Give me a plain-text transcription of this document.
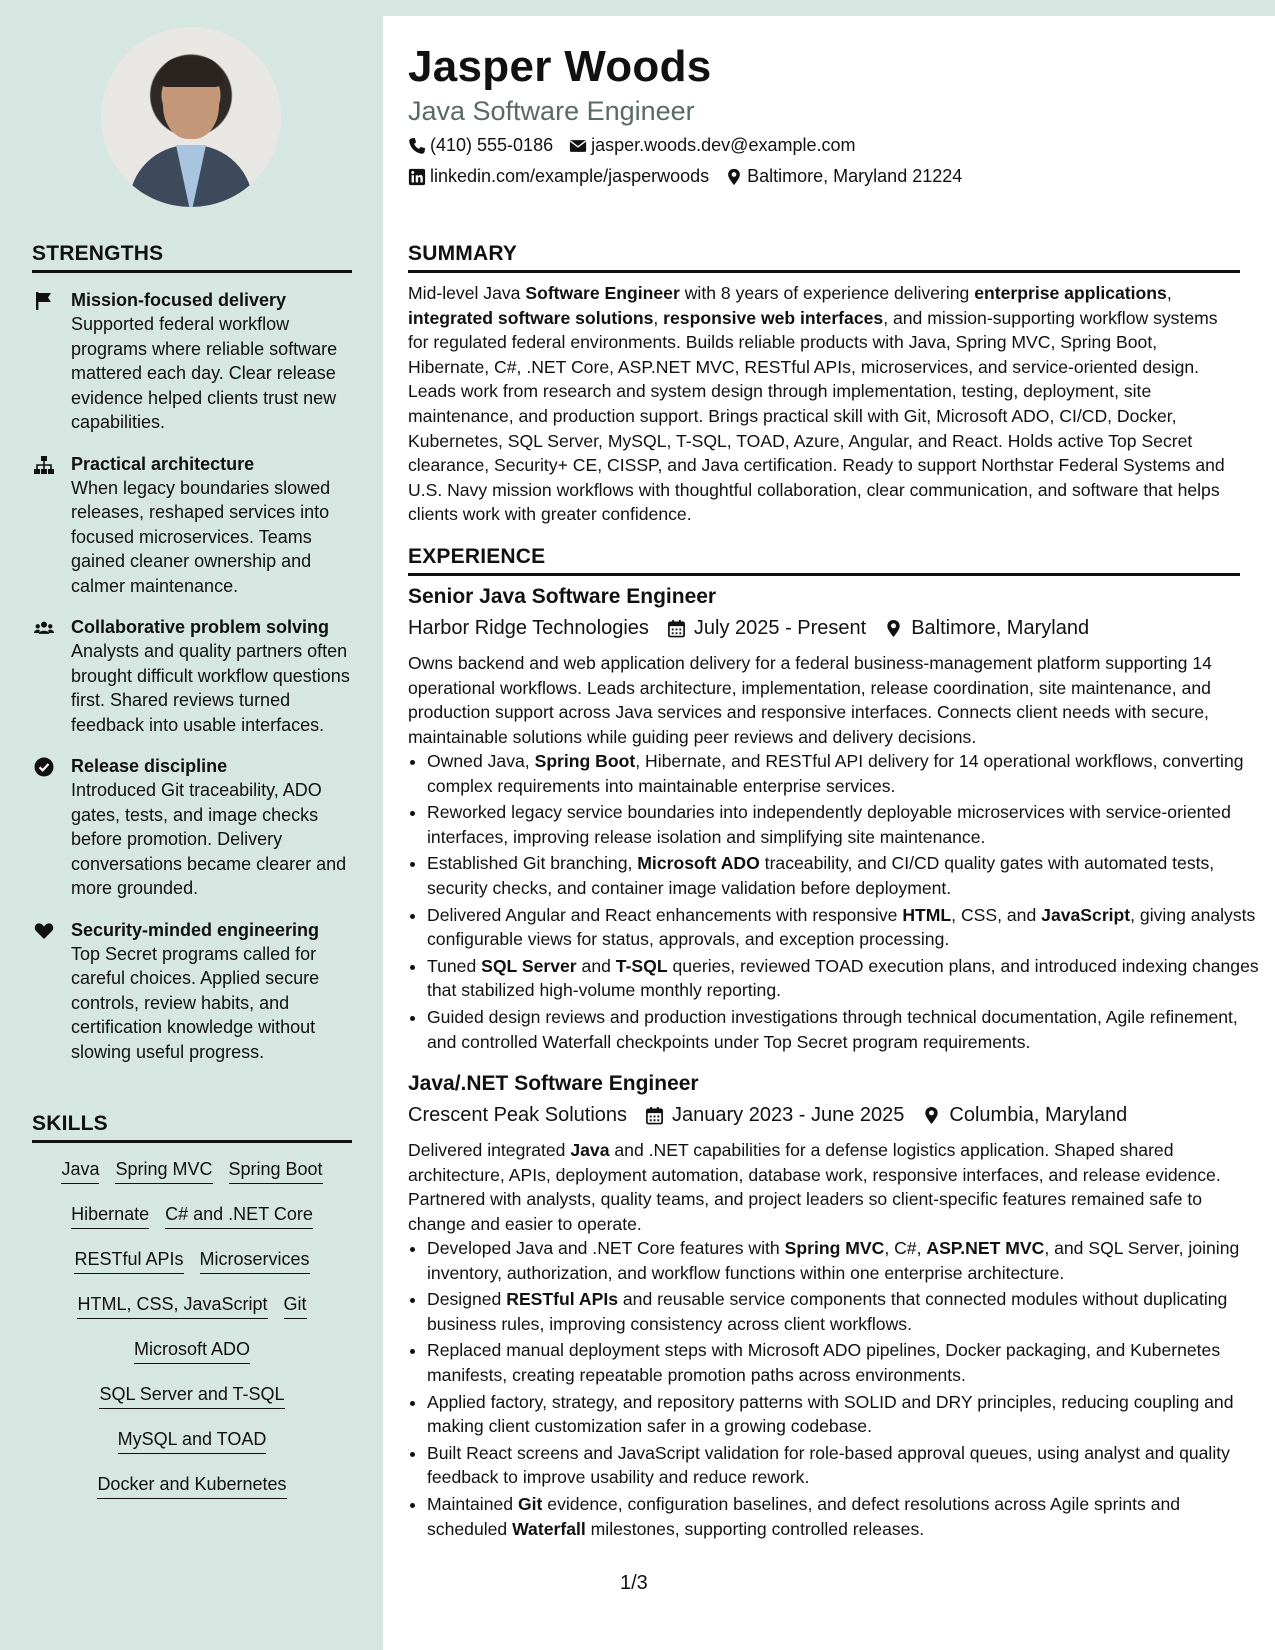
STRENGTHS
Mission-focused delivery
Supported federal workflow programs where reliable software mattered each day. Clear release evidence helped clients trust new capabilities.
Practical architecture
When legacy boundaries slowed releases, reshaped services into focused microservices. Teams gained cleaner ownership and calmer maintenance.
Collaborative problem solving
Analysts and quality partners often brought difficult workflow questions first. Shared reviews turned feedback into usable interfaces.
Release discipline
Introduced Git traceability, ADO gates, tests, and image checks before promotion. Delivery conversations became clearer and more grounded.
Security-minded engineering
Top Secret programs called for careful choices. Applied secure controls, review habits, and certification knowledge without slowing useful progress.
SKILLS
Java Spring MVC Spring Boot
Hibernate C# and .NET Core
RESTful APIs Microservices
HTML, CSS, JavaScript Git
Microsoft ADO
SQL Server and T-SQL
MySQL and TOAD
Docker and Kubernetes
Jasper Woods
Java Software Engineer
(410) 555-0186 jasper.woods.dev@example.com
linkedin.com/example/jasperwoods Baltimore, Maryland 21224
SUMMARY
Mid-level Java Software Engineer with 8 years of experience delivering enterprise applications, integrated software solutions, responsive web interfaces, and mission-supporting workflow systems for regulated federal environments. Builds reliable products with Java, Spring MVC, Spring Boot, Hibernate, C#, .NET Core, ASP.NET MVC, RESTful APIs, microservices, and service-oriented design. Leads work from research and system design through implementation, testing, deployment, site maintenance, and production support. Brings practical skill with Git, Microsoft ADO, CI/CD, Docker, Kubernetes, SQL Server, MySQL, T-SQL, TOAD, Azure, Angular, and React. Holds active Top Secret clearance, Security+ CE, CISSP, and Java certification. Ready to support Northstar Federal Systems and U.S. Navy mission workflows with thoughtful collaboration, clear communication, and software that helps clients work with greater confidence.
EXPERIENCE
Senior Java Software Engineer
Harbor Ridge Technologies July 2025 - Present Baltimore, Maryland
Owns backend and web application delivery for a federal business-management platform supporting 14 operational workflows. Leads architecture, implementation, release coordination, site maintenance, and production support across Java services and responsive interfaces. Connects client needs with secure, maintainable solutions while guiding peer reviews and delivery decisions.
• Owned Java, Spring Boot, Hibernate, and RESTful API delivery for 14 operational workflows, converting complex requirements into maintainable enterprise services.
• Reworked legacy service boundaries into independently deployable microservices with service-oriented interfaces, improving release isolation and simplifying site maintenance.
• Established Git branching, Microsoft ADO traceability, and CI/CD quality gates with automated tests, security checks, and container image validation before deployment.
• Delivered Angular and React enhancements with responsive HTML, CSS, and JavaScript, giving analysts configurable views for status, approvals, and exception processing.
• Tuned SQL Server and T-SQL queries, reviewed TOAD execution plans, and introduced indexing changes that stabilized high-volume monthly reporting.
• Guided design reviews and production investigations through technical documentation, Agile refinement, and controlled Waterfall checkpoints under Top Secret program requirements.
Java/.NET Software Engineer
Crescent Peak Solutions January 2023 - June 2025 Columbia, Maryland
Delivered integrated Java and .NET capabilities for a defense logistics application. Shaped shared architecture, APIs, deployment automation, database work, responsive interfaces, and release evidence. Partnered with analysts, quality teams, and project leaders so client-specific features remained safe to change and easier to operate.
• Developed Java and .NET Core features with Spring MVC, C#, ASP.NET MVC, and SQL Server, joining inventory, authorization, and workflow functions within one enterprise architecture.
• Designed RESTful APIs and reusable service components that connected modules without duplicating business rules, improving consistency across client workflows.
• Replaced manual deployment steps with Microsoft ADO pipelines, Docker packaging, and Kubernetes manifests, creating repeatable promotion paths across environments.
• Applied factory, strategy, and repository patterns with SOLID and DRY principles, reducing coupling and making client customization safer in a growing codebase.
• Built React screens and JavaScript validation for role-based approval queues, using analyst and quality feedback to improve usability and reduce rework.
• Maintained Git evidence, configuration baselines, and defect resolutions across Agile sprints and scheduled Waterfall milestones, supporting controlled releases.
1/3
